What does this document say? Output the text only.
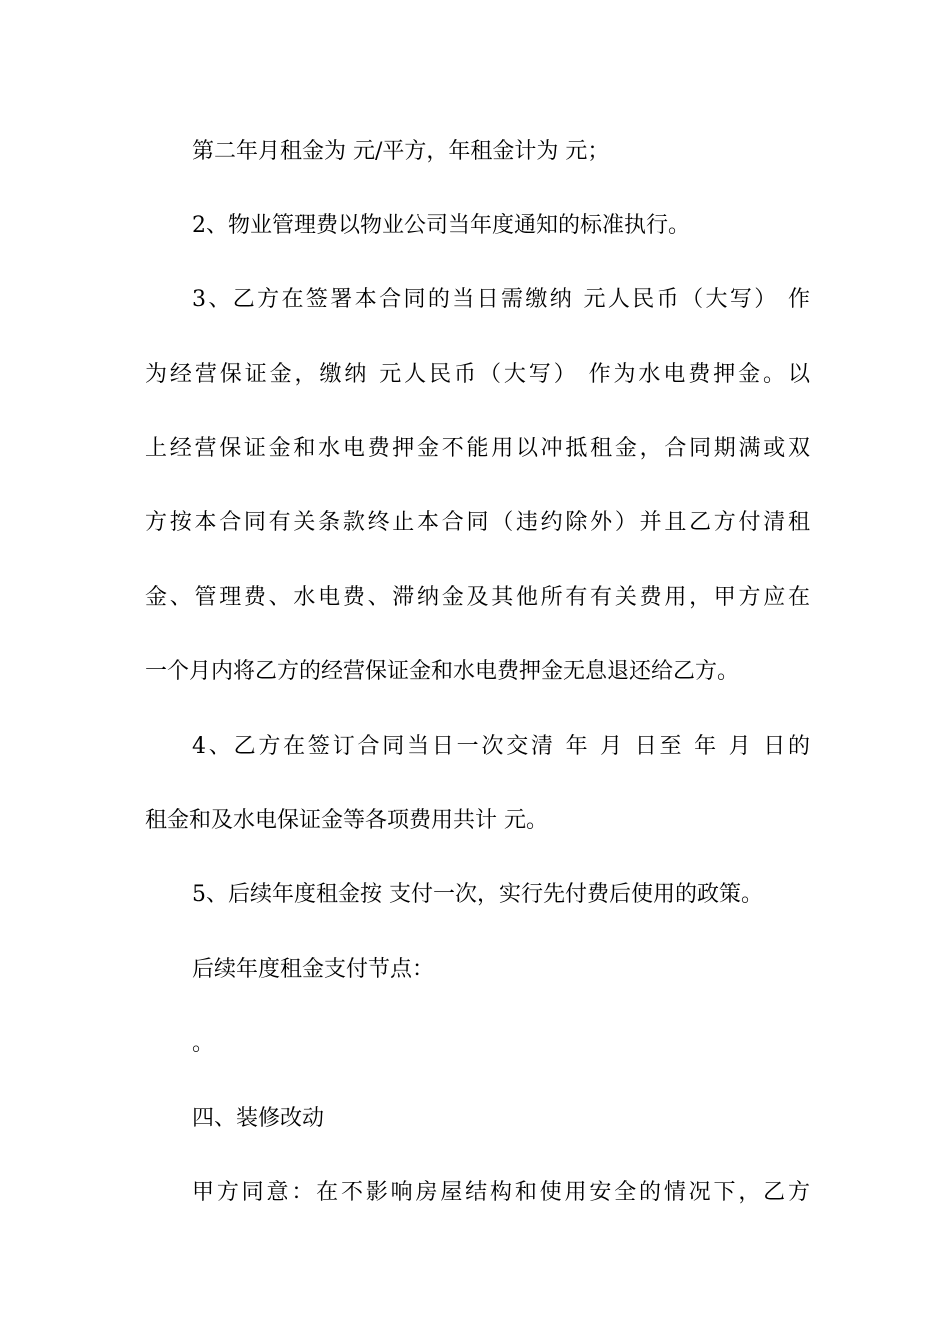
第二年月租金为 元/平方，年租金计为 元；
2、物业管理费以物业公司当年度通知的标准执行。
3、乙方在签署本合同的当日需缴纳 元人民币（大写） 作
为经营保证金，缴纳 元人民币（大写） 作为水电费押金。以
上经营保证金和水电费押金不能用以冲抵租金，合同期满或双
方按本合同有关条款终止本合同（违约除外）并且乙方付清租
金、管理费、水电费、滞纳金及其他所有有关费用，甲方应在
一个月内将乙方的经营保证金和水电费押金无息退还给乙方。
4、乙方在签订合同当日一次交清 年 月 日至 年 月 日的
租金和及水电保证金等各项费用共计 元。
5、后续年度租金按 支付一次，实行先付费后使用的政策。
后续年度租金支付节点：
。
四、装修改动
甲方同意：在不影响房屋结构和使用安全的情况下，乙方
